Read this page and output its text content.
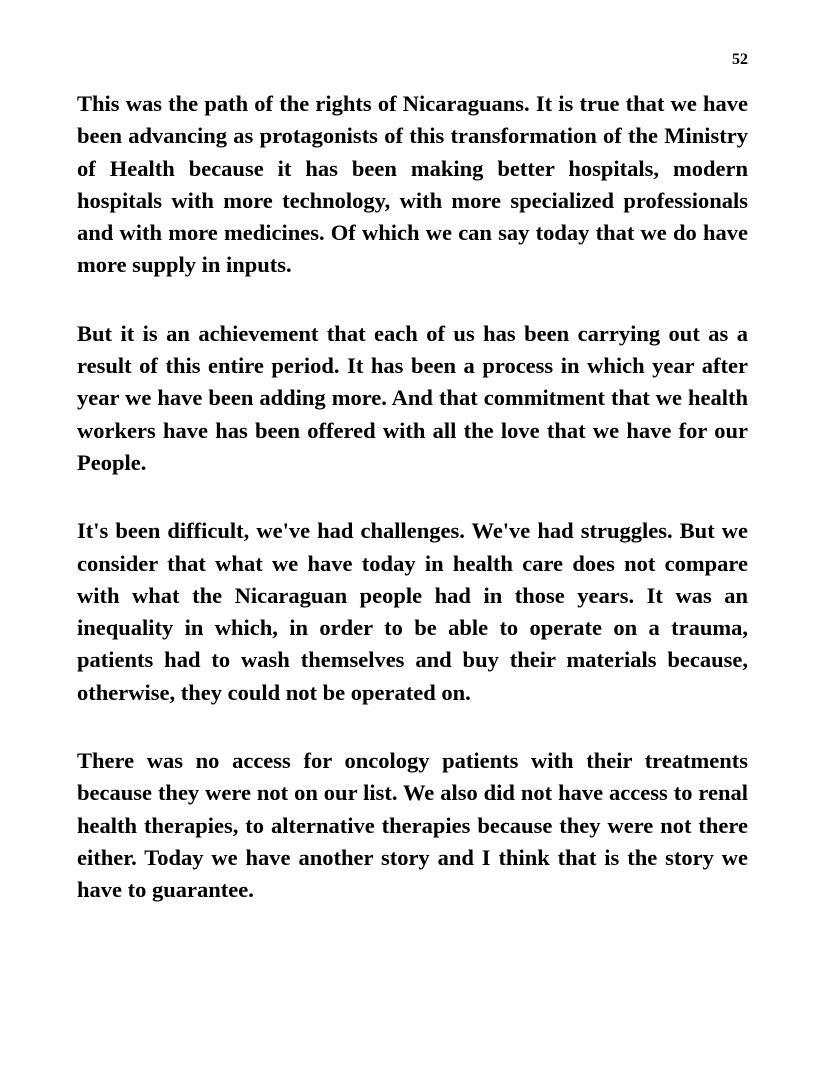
52

This was the path of the rights of Nicaraguans. It is true that we have been advancing as protagonists of this transformation of the Ministry of Health because it has been making better hospitals, modern hospitals with more technology, with more specialized professionals and with more medicines. Of which we can say today that we do have more supply in inputs.

But it is an achievement that each of us has been carrying out as a result of this entire period. It has been a process in which year after year we have been adding more. And that commitment that we health workers have has been offered with all the love that we have for our People.

It's been difficult, we've had challenges. We've had struggles. But we consider that what we have today in health care does not compare with what the Nicaraguan people had in those years. It was an inequality in which, in order to be able to operate on a trauma, patients had to wash themselves and buy their materials because, otherwise, they could not be operated on.

There was no access for oncology patients with their treatments because they were not on our list. We also did not have access to renal health therapies, to alternative therapies because they were not there either. Today we have another story and I think that is the story we have to guarantee.
